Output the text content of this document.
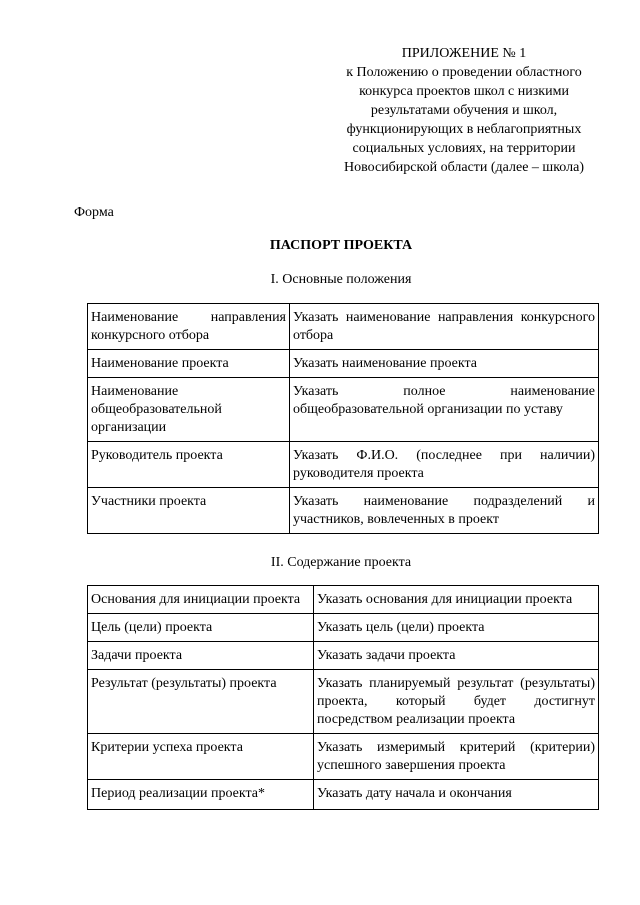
ПРИЛОЖЕНИЕ № 1
к Положению о проведении областного
конкурса проектов школ с низкими
результатами обучения и школ,
функционирующих в неблагоприятных
социальных условиях, на территории
Новосибирской области (далее – школа)
Форма
ПАСПОРТ ПРОЕКТА
I. Основные положения
Наименование направления конкурсного отбора	Указать наименование направления конкурсного отбора
Наименование проекта	Указать наименование проекта
Наименование общеобразовательной организации	Указать полное наименование общеобразовательной организации по уставу
Руководитель проекта	Указать Ф.И.О. (последнее при наличии) руководителя проекта
Участники проекта	Указать наименование подразделений и участников, вовлеченных в проект
II. Содержание проекта
Основания для инициации проекта	Указать основания для инициации проекта
Цель (цели) проекта	Указать цель (цели) проекта
Задачи проекта	Указать задачи проекта
Результат (результаты) проекта	Указать планируемый результат (результаты) проекта, который будет достигнут посредством реализации проекта
Критерии успеха проекта	Указать измеримый критерий (критерии) успешного завершения проекта
Период реализации проекта*	Указать дату начала и окончания
